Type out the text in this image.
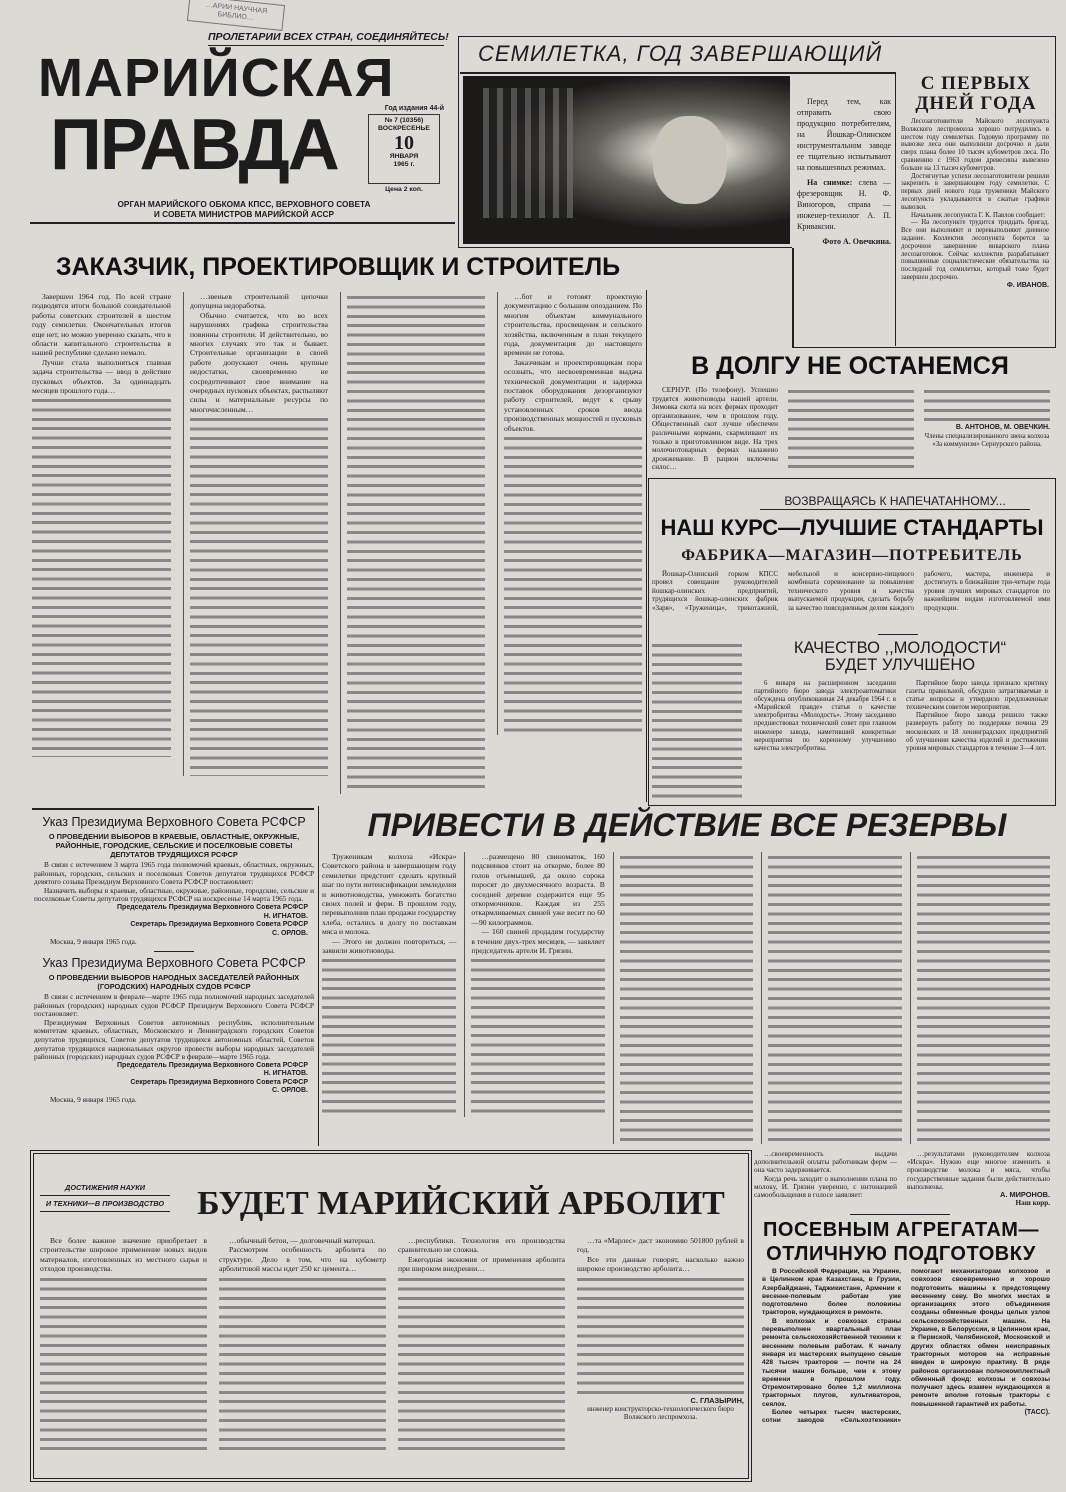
…АРИИ НАУЧНАЯ БИБЛИО…
ПРОЛЕТАРИИ ВСЕХ СТРАН, СОЕДИНЯЙТЕСЬ!
МАРИЙСКАЯ
Год издания 44-й
ПРАВДА	№ 7 (10356)
ВОСКРЕСЕНЬЕ
10
ЯНВАРЯ
1965 г.
Цена 2 коп.
ОРГАН МАРИЙСКОГО ОБКОМА КПСС, ВЕРХОВНОГО СОВЕТА
И СОВЕТА МИНИСТРОВ МАРИЙСКОЙ АССР
СЕМИЛЕТКА, ГОД ЗАВЕРШАЮЩИЙ

Перед тем, как отправить свою продукцию потребителям, на Йошкар-Олинском инструментальном заводе ее тщательно испытывают на повышенных режимах.

На снимке: слева — фрезеровщик Н. Ф. Виногоров, справа — инженер-технолог А. П. Криваксин.

Фото А. Овечкина.
С ПЕРВЫХ ДНЕЙ ГОДА

Лесозаготовители Майского лесопункта Волжского леспромхоза хорошо потрудились в шестом году семилетки. Годовую программу по вывозке леса они выполнили досрочно и дали сверх плана более 10 тысяч кубометров леса. По сравнению с 1963 годом древесины вывезено больше на 13 тысяч кубометров.

Достигнутые успехи лесозаготовители решили закрепить в завершающем году семилетки. С первых дней нового года труженики Майского лесопункта укладываются в сжатые графики вывозки.

Начальник лесопункта Г. К. Павлов сообщает:

— На лесопункте трудится тридцать бригад. Все они выполняют и перевыполняют дневное задание. Коллектив лесопункта борется за досрочное завершение январского плана лесозаготовок. Сейчас коллектив разрабатывает повышенные социалистические обязательства на последний год семилетки, который тоже будет завершен досрочно.

Ф. ИВАНОВ.
ЗАКАЗЧИК, ПРОЕКТИРОВЩИК И СТРОИТЕЛЬ

Завершен 1964 год. По всей стране подводятся итоги большой созидательной работы советских строителей в шестом году семилетки. Окончательных итогов еще нет, но можно уверенно сказать, что в области капитального строительства в нашей республике сделано немало.

Лучше стала выполняться главная задача строительства — ввод в действие пусковых объектов. За одиннадцать месяцев прошлого года…

…звеньев строительной цепочки допущена недоработка.

Обычно считается, что во всех нарушениях графика строительства повинны строители. И действительно, во многих случаях это так и бывает. Строительные организации в своей работе допускают очень крупные недостатки, своевременно не сосредоточивают свое внимание на очередных пусковых объектах, распыляют силы и материальные ресурсы по многочисленным…

…бот и готовят проектную документацию с большим опозданием. По многим объектам коммунального строительства, просвещения и сельского хозяйства, включенным в план текущего года, документация до настоящего времени не готова.

Заказчикам и проектировщикам пора осознать, что несвоевременная выдача технической документации и задержка поставок оборудования дезорганизуют работу строителей, ведут к срыву установленных сроков ввода производственных мощностей и пусковых объектов.

В ДОЛГУ НЕ ОСТАНЕМСЯ

СЕРНУР. (По телефону). Успешно трудятся животноводы нашей артели. Зимовка скота на всех фермах проходит организованнее, чем в прошлом году. Общественный скот лучше обеспечен различными кормами, скармливают их только в приготовленном виде. На трех молочнотоварных фермах налажено дрожжевание. В рацион включены силос…

В. АНТОНОВ, М. ОВЕЧКИН.
Члены специализированного звена колхоза «За коммунизм» Сернурского района.
ВОЗВРАЩАЯСЬ К НАПЕЧАТАННОМУ...
НАШ КУРС—ЛУЧШИЕ СТАНДАРТЫ
ФАБРИКА—МАГАЗИН—ПОТРЕБИТЕЛЬ

Йошкар-Олинский горком КПСС провел совещание руководителей йошкар-олинских предприятий, трудящихся йошкар-олинских фабрик «Заря», «Труженица», трикотажной, мебельной и консервно-пищевого комбината соревнование за повышение технического уровня и качества выпускаемой продукции, сделать борьбу за качество повседневным делом каждого рабочего, мастера, инженера и достигнуть в ближайшие три-четыре года уровня лучших мировых стандартов по важнейшим видам изготовляемой ими продукции.

КАЧЕСТВО ,,МОЛОДОСТИ“
БУДЕТ УЛУЧШЕНО

6 января на расширенном заседании партийного бюро завода электроавтоматики обсуждена опубликованная 24 декабря 1964 г. в «Марийской правде» статья о качестве электробритвы «Молодость». Этому заседанию предшествовал технический совет при главном инженере завода, наметивший конкретные мероприятия по коренному улучшению качества электробритвы.

Партийное бюро завода признало критику газеты правильной, обсудило затрагиваемые в статье вопросы и утвердило предложенные техническим советом мероприятия.

Партийное бюро завода решило также развернуть работу по поддержке почина 29 московских и 18 ленинградских предприятий об улучшении качества изделий и достижении уровня мировых стандартов в течение 3—4 лет.

Указ Президиума Верховного Совета РСФСР
О ПРОВЕДЕНИИ ВЫБОРОВ В КРАЕВЫЕ, ОБЛАСТНЫЕ, ОКРУЖНЫЕ, РАЙОННЫЕ, ГОРОДСКИЕ, СЕЛЬСКИЕ И ПОСЕЛКОВЫЕ СОВЕТЫ ДЕПУТАТОВ ТРУДЯЩИХСЯ РСФСР

В связи с истечением 3 марта 1965 года полномочий краевых, областных, окружных, районных, городских, сельских и поселковых Советов депутатов трудящихся РСФСР девятого созыва Президиум Верховного Совета РСФСР постановляет:

Назначить выборы в краевые, областные, окружные, районные, городские, сельские и поселковые Советы депутатов трудящихся РСФСР на воскресенье 14 марта 1965 года.

Председатель Президиума Верховного Совета РСФСР
Н. ИГНАТОВ.
Секретарь Президиума Верховного Совета РСФСР
С. ОРЛОВ.
Москва, 9 января 1965 года.
Указ Президиума Верховного Совета РСФСР
О ПРОВЕДЕНИИ ВЫБОРОВ НАРОДНЫХ ЗАСЕДАТЕЛЕЙ РАЙОННЫХ (ГОРОДСКИХ) НАРОДНЫХ СУДОВ РСФСР

В связи с истечением в феврале—марте 1965 года полномочий народных заседателей районных (городских) народных судов РСФСР Президиум Верховного Совета РСФСР постановляет:

Президиумам Верховных Советов автономных республик, исполнительным комитетам краевых, областных, Московского и Ленинградского городских Советов депутатов трудящихся, Советов депутатов трудящихся автономных областей, Советов депутатов трудящихся национальных округов провести выборы народных заседателей районных (городских) народных судов РСФСР в феврале—марте 1965 года.

Председатель Президиума Верховного Совета РСФСР
Н. ИГНАТОВ.
Секретарь Президиума Верховного Совета РСФСР
С. ОРЛОВ.
Москва, 9 января 1965 года.
ПРИВЕСТИ В ДЕЙСТВИЕ ВСЕ РЕЗЕРВЫ

Труженикам колхоза «Искра» Советского района в завершающем году семилетки предстоит сделать крупный шаг по пути интенсификации земледелия и животноводства, умножить богатство своих полей и ферм. В прошлом году, перевыполнив план продажи государству хлеба, остались в долгу по поставкам мяса и молока.

— Этого не должно повториться, — заявили животноводы.

…размещено 80 свиноматок, 160 подсвинков стоит на откорме, более 80 голов отъемышей, да около сорока поросят до двухмесячного возраста. В соседней деревне содержится еще 95 откормочников. Каждая из 255 откармливаемых свиней уже весит по 60—90 килограммов.

— 160 свиней продадим государству в течение двух-трех месяцев, — заявляет председатель артели И. Грязин.

…своевременность выдачи дополнительной оплаты работникам ферм — она часто задерживается.

Когда речь заходит о выполнении плана по молоку, И. Грязин уверенно, с интонацией самообольщения в голосе заявляет:

…результатами руководителям колхоза «Искра». Нужно еще многое изменить в производстве молока и мяса, чтобы государственные задания были действительно выполнены.

А. МИРОНОВ.
Наш корр.
ПОСЕВНЫМ АГРЕГАТАМ—
ОТЛИЧНУЮ ПОДГОТОВКУ

В Российской Федерации, на Украине, в Целинном крае Казахстана, в Грузии, Азербайджане, Таджикистане, Армении к весенне-полевым работам уже подготовлено более половины тракторов, нуждающихся в ремонте.

В колхозах и совхозах страны перевыполнен квартальный план ремонта сельскохозяйственной техники к весенним полевым работам. К началу января из мастерских выпущено свыше 428 тысяч тракторов — почти на 24 тысячи машин больше, чем к этому времени в прошлом году. Отремонтировано более 1,2 миллиона тракторных плугов, культиваторов, сеялок.

Более четырех тысяч мастерских, сотни заводов «Сельхозтехники» помогают механизаторам колхозов и совхозов своевременно и хорошо подготовить машины к предстоящему весеннему севу. Во многих местах в организациях этого объединения созданы обменные фонды целых узлов сельскохозяйственных машин. На Украине, в Белоруссии, в Целинном крае, в Пермской, Челябинской, Московской и других областях обмен неисправных тракторных моторов на исправные введен в широкую практику. В ряде районов организован полнокомплектный обменный фонд: колхозы и совхозы получают здесь взамен нуждающихся в ремонте вполне готовые тракторы с повышенной гарантией их работы.

(ТАСС).
ДОСТИЖЕНИЯ НАУКИ
И ТЕХНИКИ—В ПРОИЗВОДСТВО БУДЕТ МАРИЙСКИЙ АРБОЛИТ

Все более важное значение приобретает в строительстве широкое применение новых видов материалов, изготовленных из местного сырья и отходов производства.

…обычный бетон, — долговечный материал.

Рассмотрим особенность арболита по структуре. Дело в том, что на кубометр арболитовой массы идет 250 кг цемента…

…республики. Технология его производства сравнительно не сложна.

Ежегодная экономия от применения арболита при широком внедрении…

…та «Марлес» даст экономию 501800 рублей в год.

Все эти данные говорят, насколько важно широкое производство арболита…

С. ГЛАЗЫРИН,
инженер конструкторско-технологического бюро Волжского леспромхоза.
